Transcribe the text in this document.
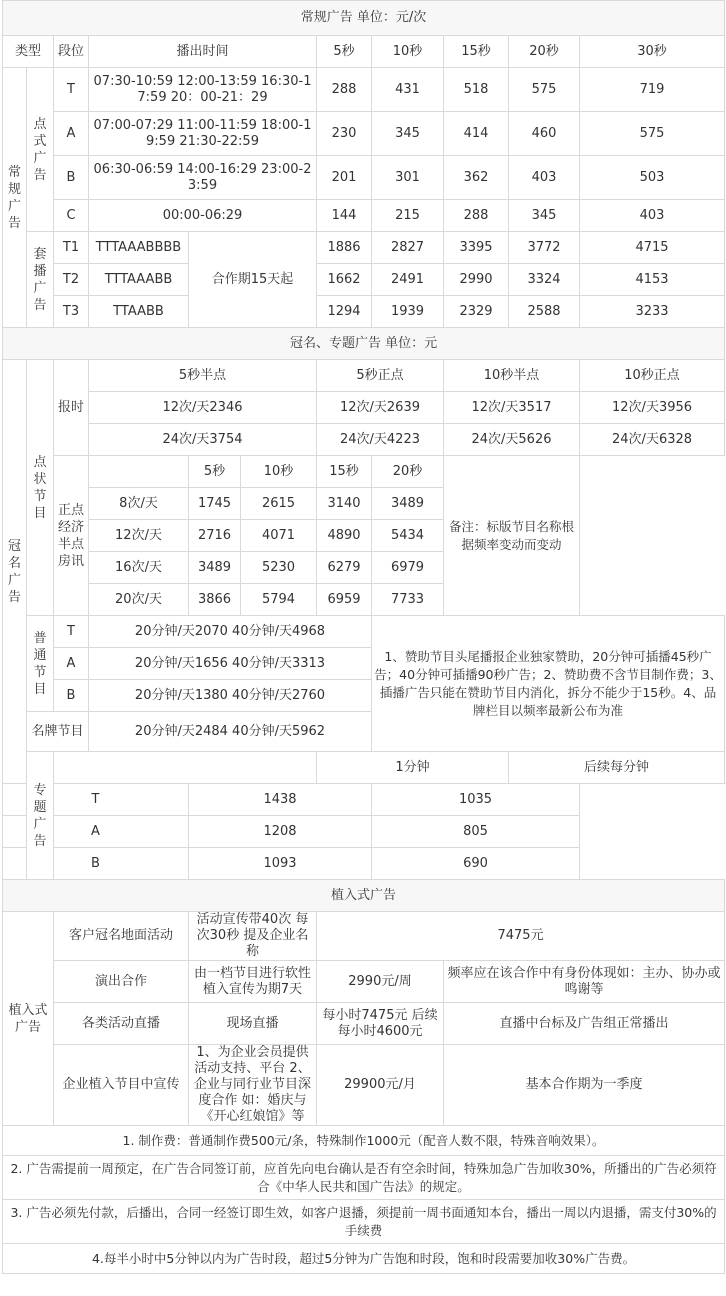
常规广告 单位：元/次										
类型		段位	播出时间			5秒	10秒	15秒	20秒	30秒
常规广告	点式广告	T	07:30-10:59 12:00-13:59 16:30-17:59 20：00-21：29			288	431	518	575	719
		A	07:00-07:29 11:00-11:59 18:00-19:59 21:30-22:59			230	345	414	460	575
		B	06:30-06:59 14:00-16:29 23:00-23:59			201	301	362	403	503
		C	00:00-06:29			144	215	288	345	403
	套播广告	T1	TTTAAABBBB	合作期15天起		1886	2827	3395	3772	4715
		T2	TTTAAABB			1662	2491	2990	3324	4153
		T3	TTAABB			1294	1939	2329	2588	3233
冠名、专题广告 单位：元										
冠名广告	点状节目	报时	5秒半点			5秒正点		10秒半点		10秒正点
			12次/天2346			12次/天2639		12次/天3517		12次/天3956
			24次/天3754			24次/天4223		24次/天5626		24次/天6328
		正点经济半点房讯		5秒	10秒	15秒	20秒	备注：标版节目名称根据频率变动而变动		
			8次/天	1745	2615	3140	3489			
			12次/天	2716	4071	4890	5434			
			16次/天	3489	5230	6279	6979			
			20次/天	3866	5794	6959	7733			
	普通节目	T	20分钟/天2070 40分钟/天4968				1、赞助节目头尾播报企业独家赞助，20分钟可插播45秒广告；40分钟可插播90秒广告；2、赞助费不含节目制作费；3、插播广告只能在赞助节目内消化，拆分不能少于15秒。4、品牌栏目以频率最新公布为准			
		A	20分钟/天1656 40分钟/天3313							
		B	20分钟/天1380 40分钟/天2760							
	名牌节目		20分钟/天2484 40分钟/天5962							
	专题广告					1分钟			后续每分钟	
T				1438			1035			
A				1208			805			
B				1093			690			
植入式广告										
植入式广告		客户冠名地面活动		活动宣传带40次 每次30秒 提及企业名称		7475元				
		演出合作		由一档节目进行软性植入宣传为期7天		2990元/周		频率应在该合作中有身份体现如：主办、协办或鸣谢等		
		各类活动直播		现场直播		每小时7475元 后续每小时4600元		直播中台标及广告组正常播出		
		企业植入节目中宣传		1、为企业会员提供活动支持、平台 2、企业与同行业节目深度合作 如：婚庆与《开心红娘馆》等		29900元/月		基本合作期为一季度		
1. 制作费：普通制作费500元/条，特殊制作1000元（配音人数不限，特殊音响效果）。										
2. 广告需提前一周预定，在广告合同签订前，应首先向电台确认是否有空余时间，特殊加急广告加收30%，所播出的广告必须符合《中华人民共和国广告法》的规定。										
3. 广告必须先付款，后播出，合同一经签订即生效，如客户退播，须提前一周书面通知本台，播出一周以内退播，需支付30%的手续费										
4.每半小时中5分钟以内为广告时段，超过5分钟为广告饱和时段，饱和时段需要加收30%广告费。										
